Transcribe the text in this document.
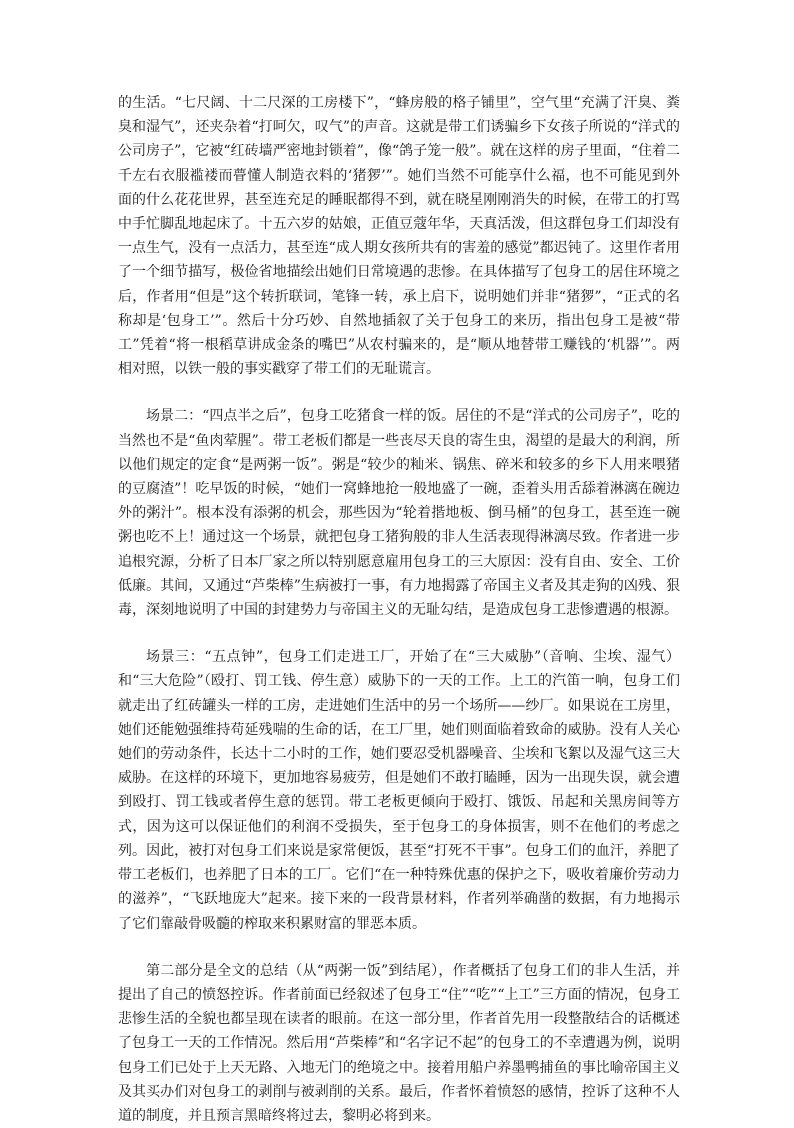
的生活。“七尺阔、十二尺深的工房楼下”，“蜂房般的格子铺里”，空气里“充满了汗臭、粪臭和湿气”，还夹杂着“打呵欠，叹气”的声音。这就是带工们诱骗乡下女孩子所说的“洋式的公司房子”，它被“红砖墙严密地封锁着”，像“鸽子笼一般”。就在这样的房子里面，“住着二千左右衣服褴褛而瞢懂人制造衣料的‘猪猡’”。她们当然不可能享什么福，也不可能见到外面的什么花花世界，甚至连充足的睡眠都得不到，就在晓星刚刚消失的时候，在带工的打骂中手忙脚乱地起床了。十五六岁的姑娘，正值豆蔻年华，天真活泼，但这群包身工们却没有一点生气，没有一点活力，甚至连“成人期女孩所共有的害羞的感觉”都迟钝了。这里作者用了一个细节描写，极俭省地描绘出她们日常境遇的悲惨。在具体描写了包身工的居住环境之后，作者用“但是”这个转折联词，笔锋一转，承上启下，说明她们并非“猪猡”，“正式的名称却是‘包身工’”。然后十分巧妙、自然地插叙了关于包身工的来历，指出包身工是被“带工”凭着“将一根稻草讲成金条的嘴巴”从农村骗来的，是“顺从地替带工赚钱的‘机器’”。两相对照，以铁一般的事实戳穿了带工们的无耻谎言。

场景二：“四点半之后”，包身工吃猪食一样的饭。居住的不是“洋式的公司房子”，吃的当然也不是“鱼肉荤腥”。带工老板们都是一些丧尽天良的寄生虫，渴望的是最大的利润，所以他们规定的定食“是两粥一饭”。粥是“较少的籼米、锅焦、碎米和较多的乡下人用来喂猪的豆腐渣”！吃早饭的时候，“她们一窝蜂地抢一般地盛了一碗，歪着头用舌舔着淋漓在碗边外的粥汁”。根本没有添粥的机会，那些因为“轮着揩地板、倒马桶”的包身工，甚至连一碗粥也吃不上！通过这一个场景，就把包身工猪狗般的非人生活表现得淋漓尽致。作者进一步追根究源，分析了日本厂家之所以特别愿意雇用包身工的三大原因：没有自由、安全、工价低廉。其间，又通过“芦柴棒”生病被打一事，有力地揭露了帝国主义者及其走狗的凶残、狠毒，深刻地说明了中国的封建势力与帝国主义的无耻勾结，是造成包身工悲惨遭遇的根源。

场景三：“五点钟”，包身工们走进工厂，开始了在“三大威胁”（音响、尘埃、湿气）和“三大危险”（殴打、罚工钱、停生意）威胁下的一天的工作。上工的汽笛一响，包身工们就走出了红砖罐头一样的工房，走进她们生活中的另一个场所——纱厂。如果说在工房里，她们还能勉强维持苟延残喘的生命的话，在工厂里，她们则面临着致命的威胁。没有人关心她们的劳动条件，长达十二小时的工作，她们要忍受机器噪音、尘埃和飞絮以及湿气这三大威胁。在这样的环境下，更加地容易疲劳，但是她们不敢打瞌睡，因为一出现失误，就会遭到殴打、罚工钱或者停生意的惩罚。带工老板更倾向于殴打、饿饭、吊起和关黑房间等方式，因为这可以保证他们的利润不受损失，至于包身工的身体损害，则不在他们的考虑之列。因此，被打对包身工们来说是家常便饭，甚至“打死不干事”。包身工们的血汗，养肥了带工老板们，也养肥了日本的工厂。它们“在一种特殊优惠的保护之下，吸收着廉价劳动力的滋养”，“飞跃地庞大”起来。接下来的一段背景材料，作者列举确凿的数据，有力地揭示了它们靠敲骨吸髓的榨取来积累财富的罪恶本质。

第二部分是全文的总结（从“两粥一饭”到结尾），作者概括了包身工们的非人生活，并提出了自己的愤怒控诉。作者前面已经叙述了包身工“住”“吃”“上工”三方面的情况，包身工悲惨生活的全貌也都呈现在读者的眼前。在这一部分里，作者首先用一段整散结合的话概述了包身工一天的工作情况。然后用“芦柴棒”和“名字记不起”的包身工的不幸遭遇为例，说明包身工们已处于上天无路、入地无门的绝境之中。接着用船户养墨鸭捕鱼的事比喻帝国主义及其买办们对包身工的剥削与被剥削的关系。最后，作者怀着愤怒的感情，控诉了这种不人道的制度，并且预言黑暗终将过去，黎明必将到来。
